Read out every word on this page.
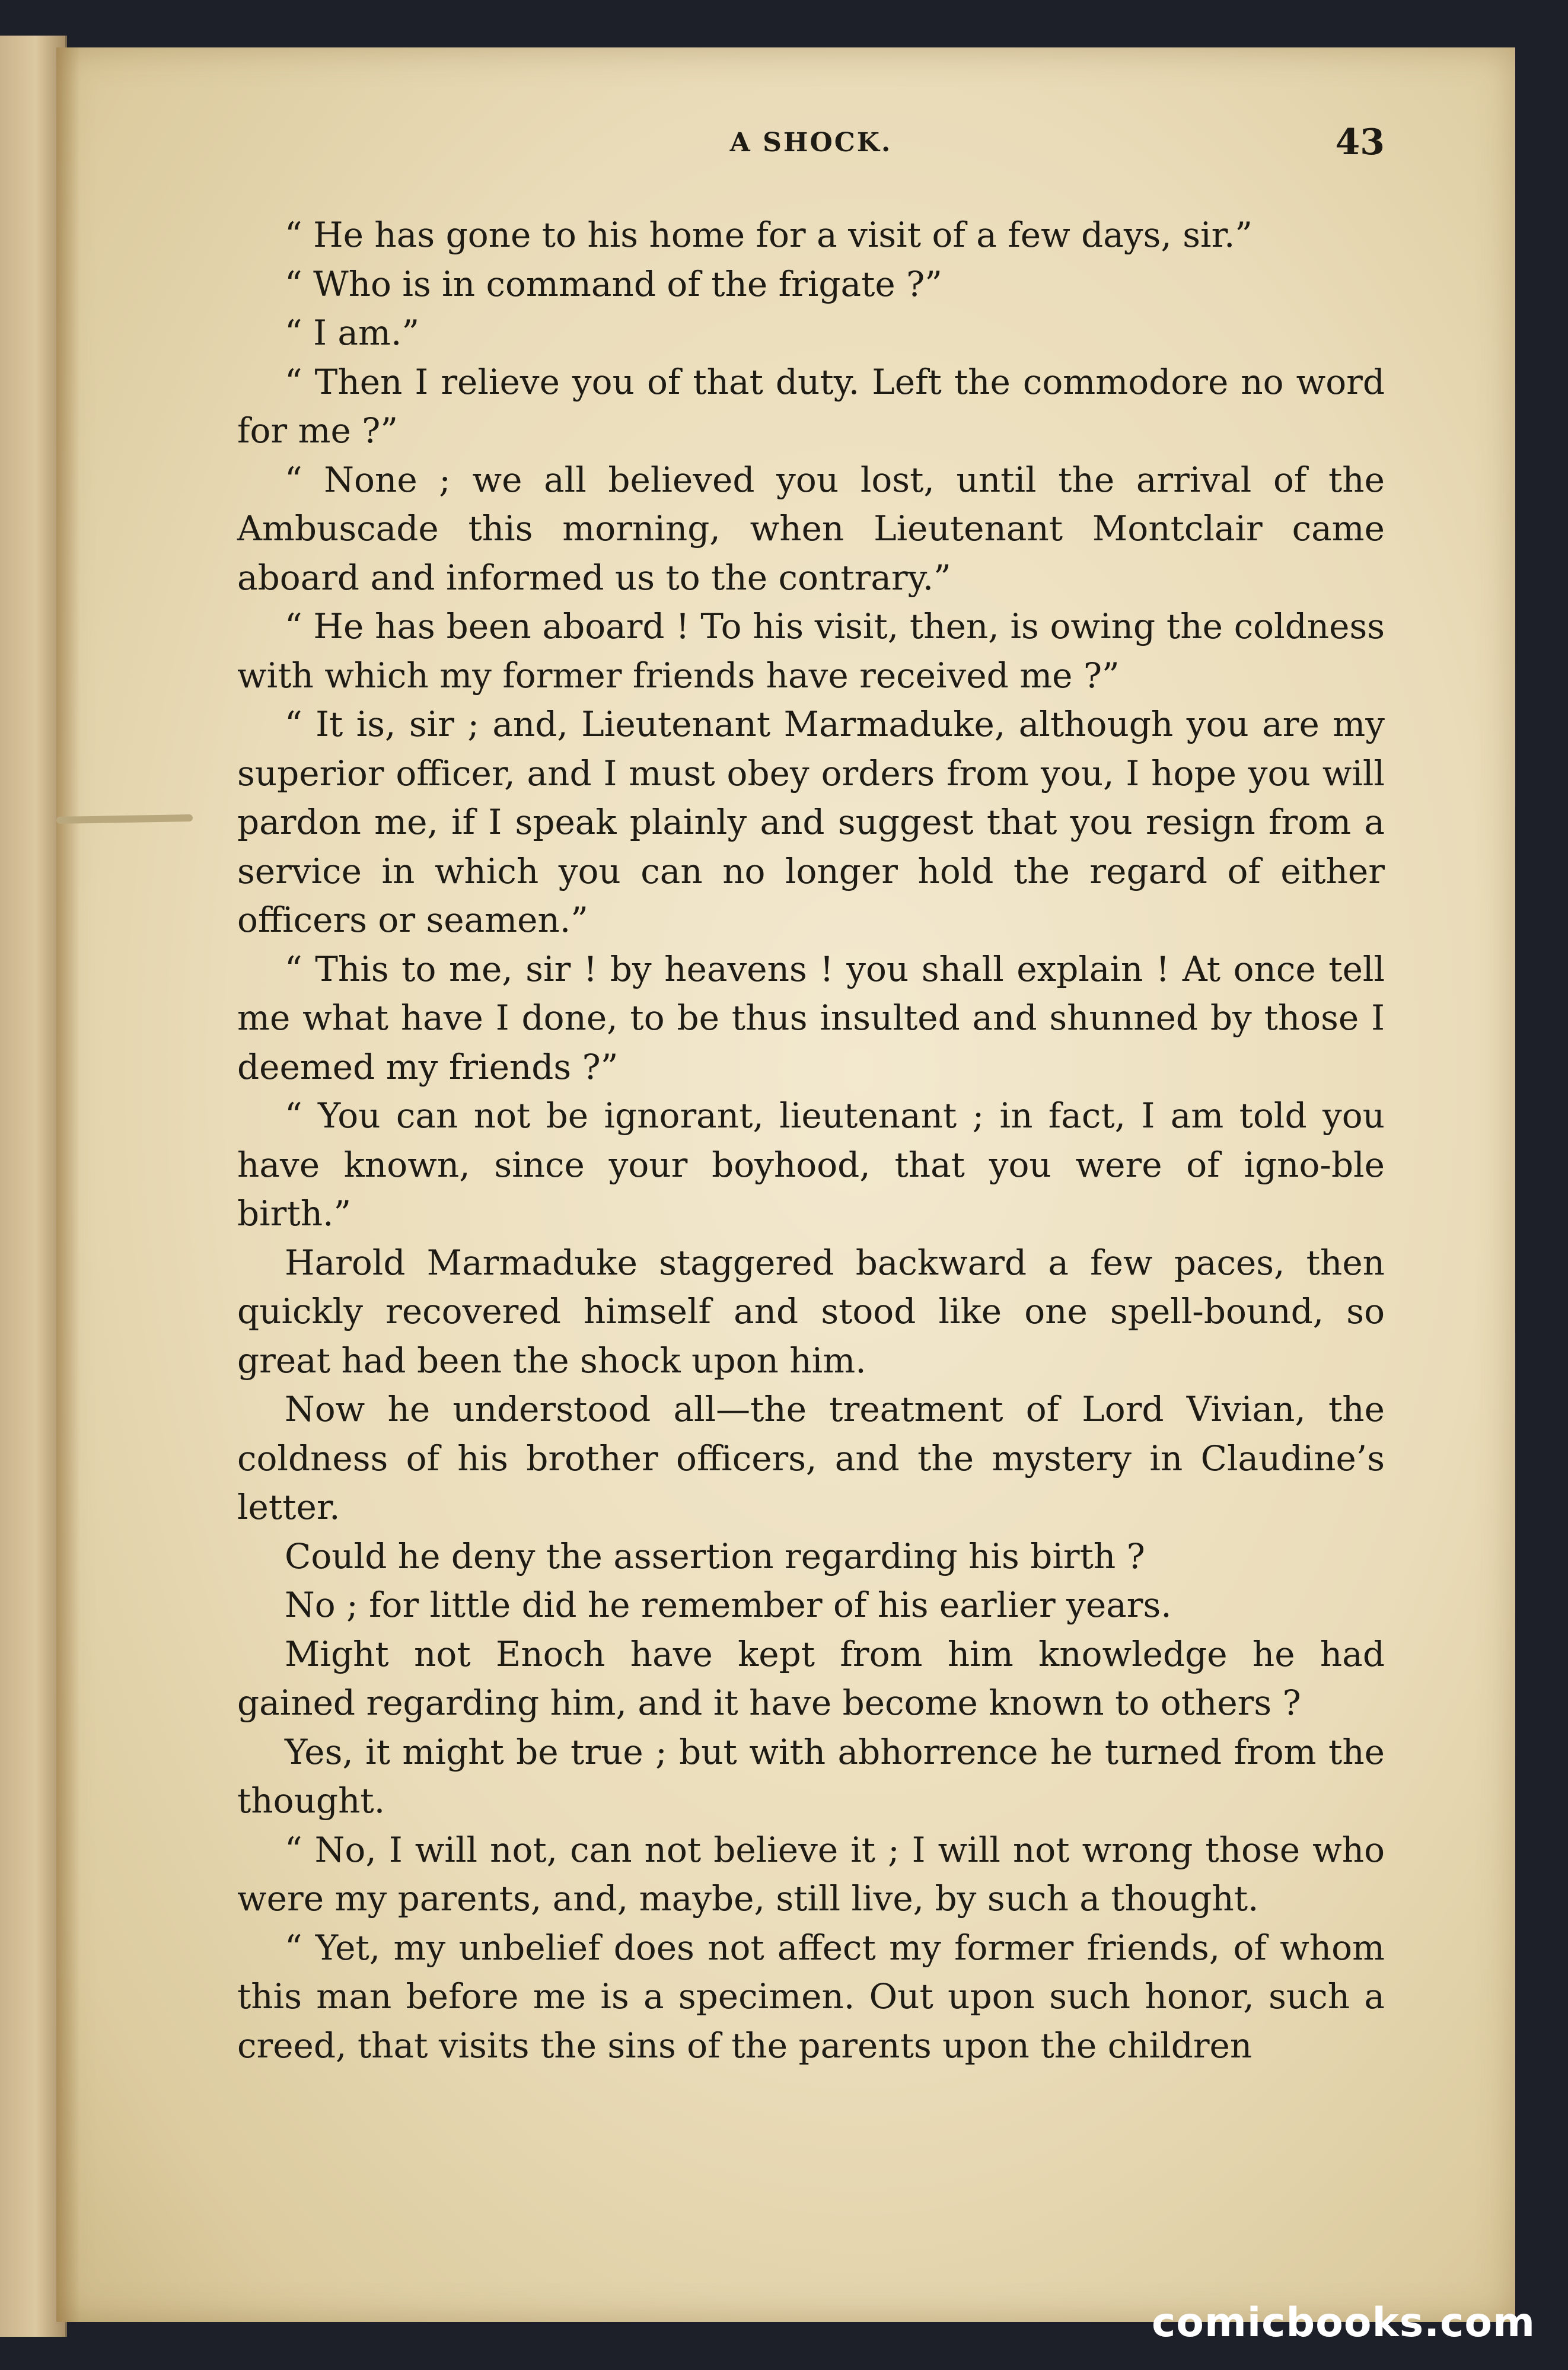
A SHOCK.	43

“ He has gone to his home for a visit of a few days, sir.”

“ Who is in command of the frigate ?”

“ I am.”

“ Then I relieve you of that duty. Left the commodore no word for me ?”

“ None ; we all believed you lost, until the arrival of the Ambuscade this morning, when Lieutenant Montclair came aboard and informed us to the contrary.”

“ He has been aboard ! To his visit, then, is owing the coldness with which my former friends have received me ?”

“ It is, sir ; and, Lieutenant Marmaduke, although you are my superior officer, and I must obey orders from you, I hope you will pardon me, if I speak plainly and suggest that you resign from a service in which you can no longer hold the regard of either officers or seamen.”

“ This to me, sir ! by heavens ! you shall explain ! At once tell me what have I done, to be thus insulted and shunned by those I deemed my friends ?”

“ You can not be ignorant, lieutenant ; in fact, I am told you have known, since your boyhood, that you were of igno-ble birth.”

Harold Marmaduke staggered backward a few paces, then quickly recovered himself and stood like one spell-bound, so great had been the shock upon him.

Now he understood all—the treatment of Lord Vivian, the coldness of his brother officers, and the mystery in Claudine’s letter.

Could he deny the assertion regarding his birth ?

No ; for little did he remember of his earlier years.

Might not Enoch have kept from him knowledge he had gained regarding him, and it have become known to others ?

Yes, it might be true ; but with abhorrence he turned from the thought.

“ No, I will not, can not believe it ; I will not wrong those who were my parents, and, maybe, still live, by such a thought.

“ Yet, my unbelief does not affect my former friends, of whom this man before me is a specimen. Out upon such honor, such a creed, that visits the sins of the parents upon the children

comicbooks.com
